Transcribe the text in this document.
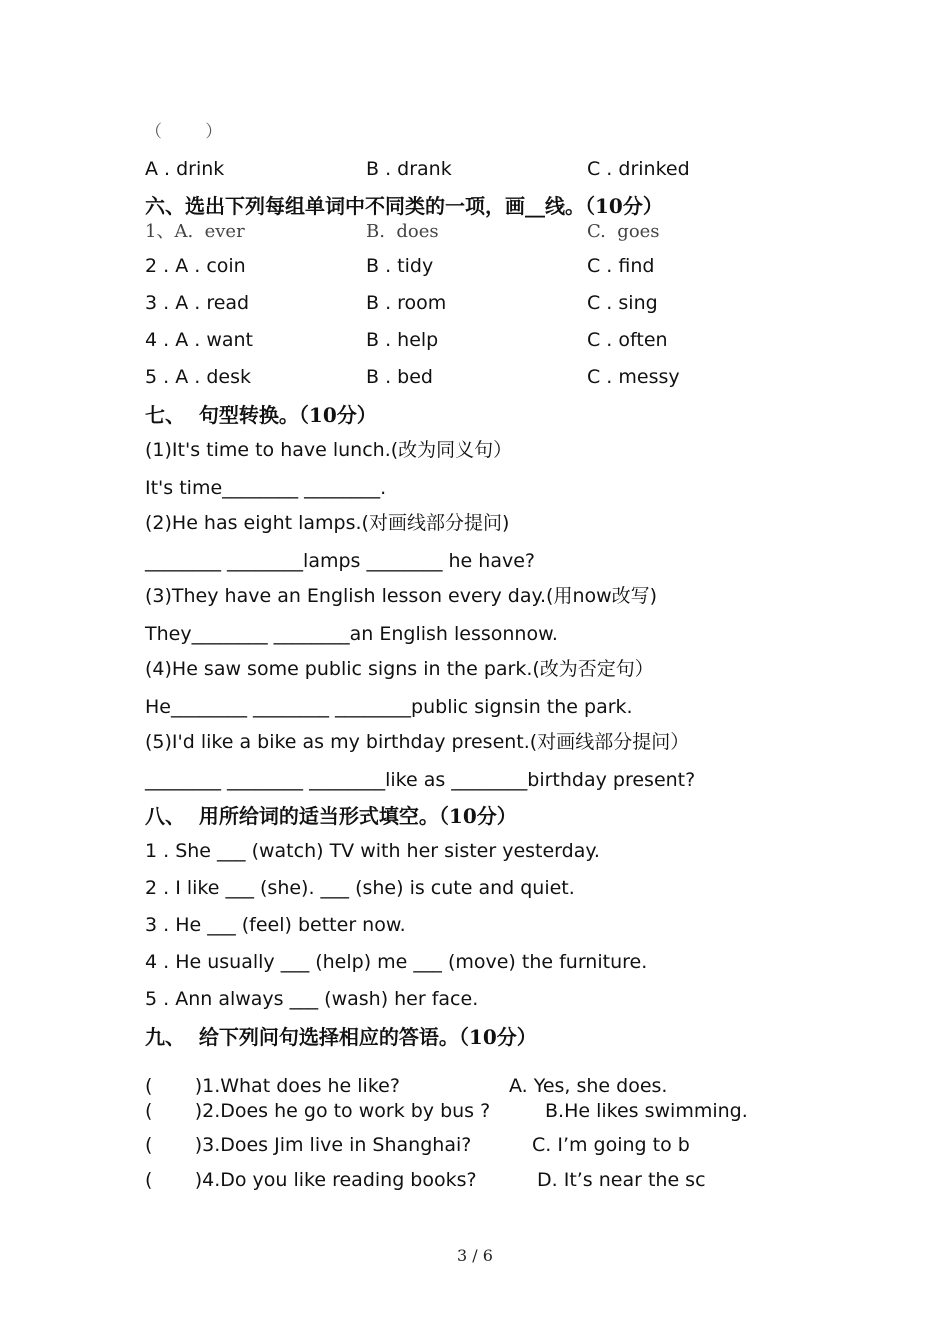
（        ）
A . drink	B . drank	C . drinked
六、选出下列每组单词中不同类的一项，画__线。（10分）
1、A.  ever	B.  does	C.  goes
2 . A . coin	B . tidy	C . find
3 . A . read	B . room	C . sing
4 . A . want	B . help	C . often
5 . A . desk	B . bed	C . messy
七、  句型转换。（10分）
(1)It's time to have lunch.(改为同义句）
It's time________ ________.
(2)He has eight lamps.(对画线部分提问)
________ ________lamps ________ he have?
(3)They have an English lesson every day.(用now改写)
They________ ________an English lessonnow.
(4)He saw some public signs in the park.(改为否定句）
He________ ________ ________public signsin the park.
(5)I'd like a bike as my birthday present.(对画线部分提问）
________ ________ ________like as ________birthday present?
八、  用所给词的适当形式填空。（10分）
1 . She ___ (watch) TV with her sister yesterday.
2 . I like ___ (she). ___ (she) is cute and quiet.
3 . He ___ (feel) better now.
4 . He usually ___ (help) me ___ (move) the furniture.
5 . Ann always ___ (wash) her face.
九、  给下列问句选择相应的答语。（10分）
(       )1.What does he like?	A. Yes, she does.
(       )2.Does he go to work by bus ?	B.He likes swimming.
(       )3.Does Jim live in Shanghai?	C. I’m going to b
(       )4.Do you like reading books?	D. It’s near the sc
3 / 6
